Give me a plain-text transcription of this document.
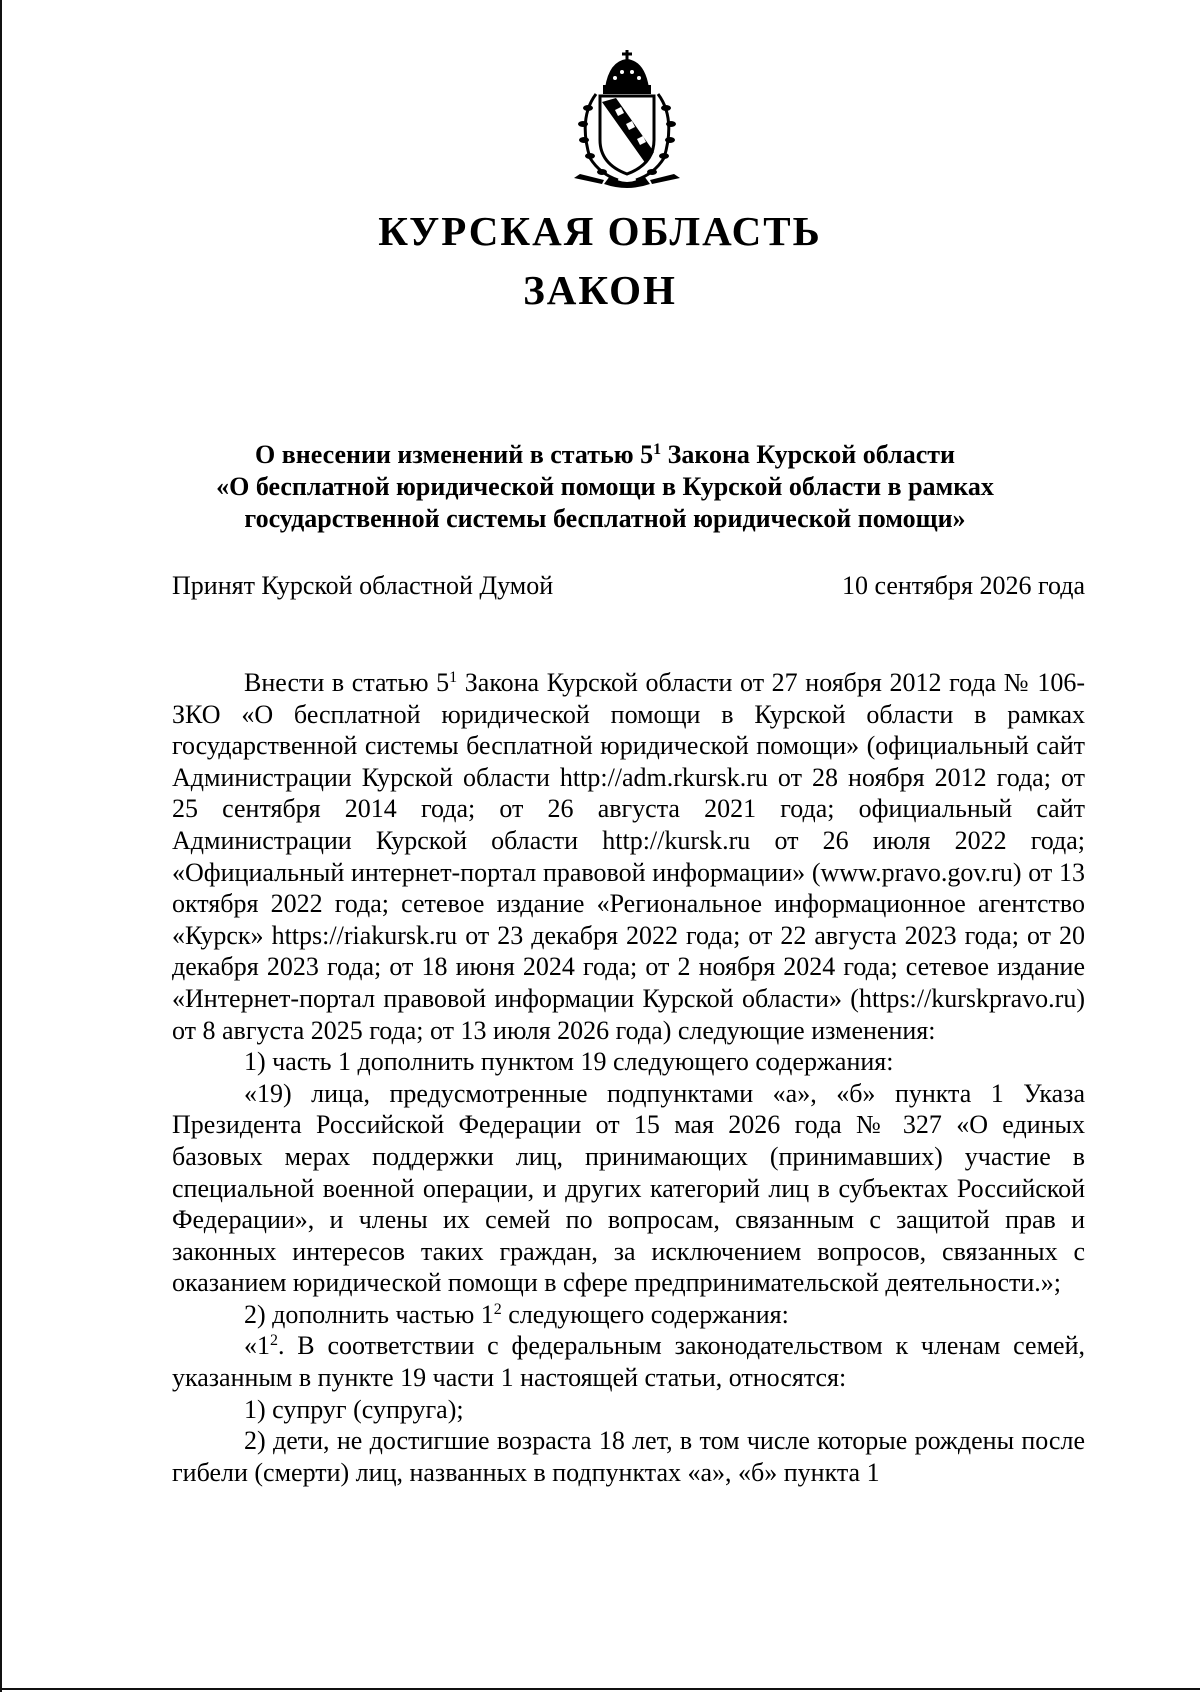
КУРСКАЯ ОБЛАСТЬ
ЗАКОН

О внесении изменений в статью $5^1$ Закона Курской области

«О бесплатной юридической помощи в Курской области в рамках

государственной системы бесплатной юридической помощи»

Принят Курской областной Думой	10 сентября 2026 года

Внести в статью $5^1$ Закона Курской области от 27 ноября 2012 года № 106-ЗКО «О бесплатной юридической помощи в Курской области в рамках государственной системы бесплатной юридической помощи» (официальный сайт Администрации Курской области http://adm.rkursk.ru от 28 ноября 2012 года; от 25 сентября 2014 года; от 26 августа 2021 года; официальный сайт Администрации Курской области http://kursk.ru от 26 июля 2022 года; «Официальный интернет-портал правовой информации» (www.pravo.gov.ru) от 13 октября 2022 года; сетевое издание «Региональное информационное агентство «Курск» https://riakursk.ru от 23 декабря 2022 года; от 22 августа 2023 года; от 20 декабря 2023 года; от 18 июня 2024 года; от 2 ноября 2024 года; сетевое издание «Интернет-портал правовой информации Курской области» (https://kurskpravo.ru) от 8 августа 2025 года; от 13 июля 2026 года) следующие изменения:

1) часть 1 дополнить пунктом 19 следующего содержания:

«19) лица, предусмотренные подпунктами «а», «б» пункта 1 Указа Президента Российской Федерации от 15 мая 2026 года № 327 «О единых базовых мерах поддержки лиц, принимающих (принимавших) участие в специальной военной операции, и других категорий лиц в субъектах Российской Федерации», и члены их семей по вопросам, связанным с защитой прав и законных интересов таких граждан, за исключением вопросов, связанных с оказанием юридической помощи в сфере предпринимательской деятельности.»;

2) дополнить частью $1^2$ следующего содержания:

«$1^2$. В соответствии с федеральным законодательством к членам семей, указанным в пункте 19 части 1 настоящей статьи, относятся:

1) супруг (супруга);

2) дети, не достигшие возраста 18 лет, в том числе которые рождены после гибели (смерти) лиц, названных в подпунктах «а», «б» пункта 1
